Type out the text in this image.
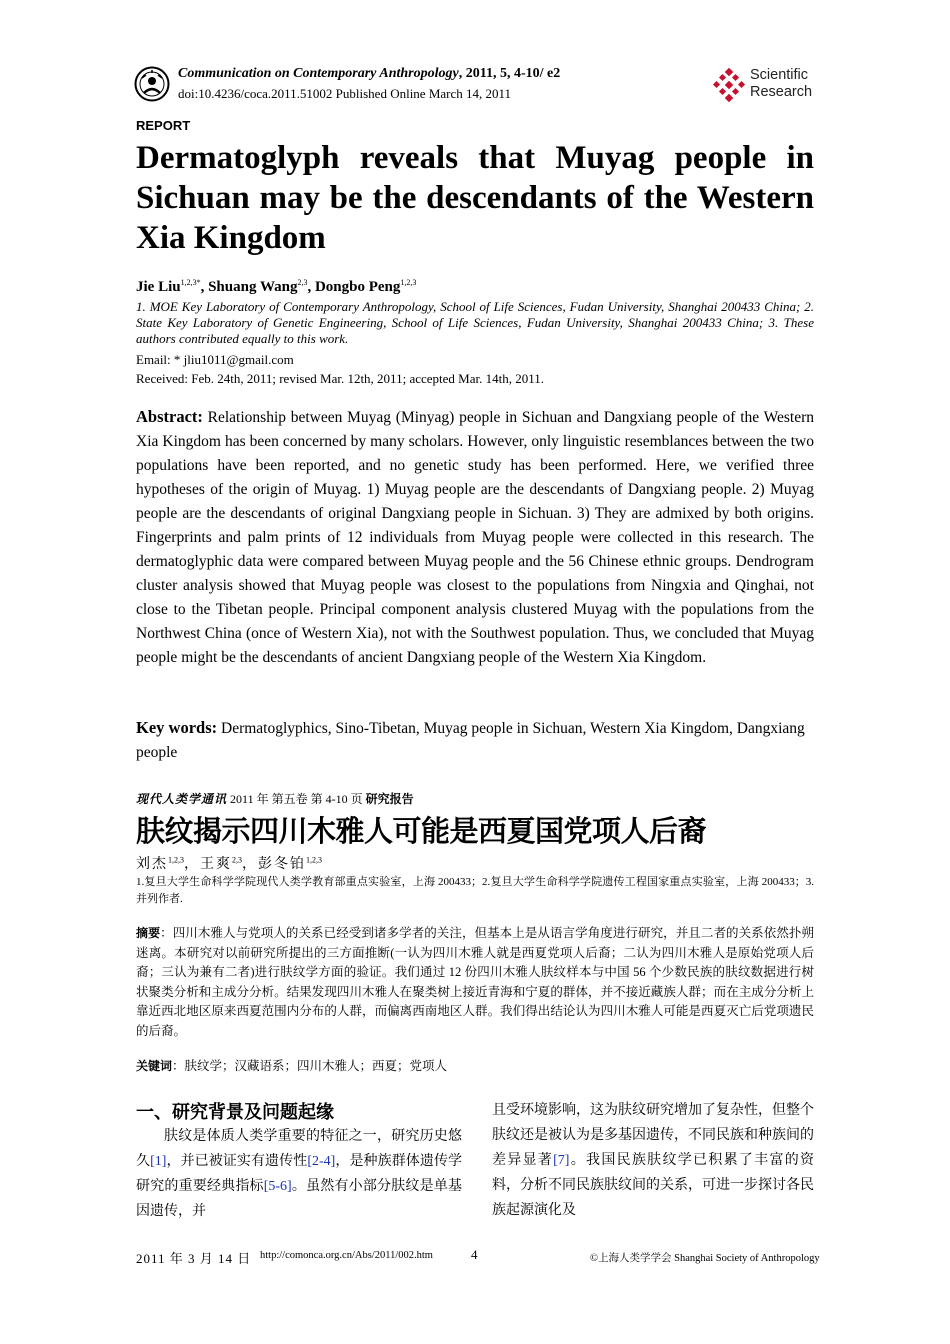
Communication on Contemporary Anthropology, 2011, 5, 4-10/ e2
doi:10.4236/coca.2011.51002 Published Online March 14, 2011
Scientific
Research
REPORT
Dermatoglyph reveals that Muyag people in Sichuan may be the descendants of the Western Xia Kingdom
Jie Liu$^{1,2,3*}$, Shuang Wang$^{2,3}$, Dongbo Peng$^{1,2,3}$
1. MOE Key Laboratory of Contemporary Anthropology, School of Life Sciences, Fudan University, Shanghai 200433 China; 2. State Key Laboratory of Genetic Engineering, School of Life Sciences, Fudan University, Shanghai 200433 China; 3. These authors contributed equally to this work.
Email: * jliu1011@gmail.com
Received: Feb. 24th, 2011; revised Mar. 12th, 2011; accepted Mar. 14th, 2011.
Abstract: Relationship between Muyag (Minyag) people in Sichuan and Dangxiang people of the Western Xia Kingdom has been concerned by many scholars. However, only linguistic resemblances between the two populations have been reported, and no genetic study has been performed. Here, we verified three hypotheses of the origin of Muyag. 1) Muyag people are the descendants of Dangxiang people. 2) Muyag people are the descendants of original Dangxiang people in Sichuan. 3) They are admixed by both origins. Fingerprints and palm prints of 12 individuals from Muyag people were collected in this research. The dermatoglyphic data were compared between Muyag people and the 56 Chinese ethnic groups. Dendrogram cluster analysis showed that Muyag people was closest to the populations from Ningxia and Qinghai, not close to the Tibetan people. Principal component analysis clustered Muyag with the populations from the Northwest China (once of Western Xia), not with the Southwest population. Thus, we concluded that Muyag people might be the descendants of ancient Dangxiang people of the Western Xia Kingdom.
Key words: Dermatoglyphics, Sino-Tibetan, Muyag people in Sichuan, Western Xia Kingdom, Dangxiang people
现代人类学通讯 2011 年 第五卷 第 4-10 页 研究报告
肤纹揭示四川木雅人可能是西夏国党项人后裔
刘杰$^{1,2,3}$，王爽$^{2,3}$，彭冬铂$^{1,2,3}$
1.复旦大学生命科学学院现代人类学教育部重点实验室，上海 200433；2.复旦大学生命科学学院遗传工程国家重点实验室，上海 200433；3.并列作者.
摘要：四川木雅人与党项人的关系已经受到诸多学者的关注，但基本上是从语言学角度进行研究，并且二者的关系依然扑朔迷离。本研究对以前研究所提出的三方面推断(一认为四川木雅人就是西夏党项人后裔；二认为四川木雅人是原始党项人后裔；三认为兼有二者)进行肤纹学方面的验证。我们通过 12 份四川木雅人肤纹样本与中国 56 个少数民族的肤纹数据进行树状聚类分析和主成分分析。结果发现四川木雅人在聚类树上接近青海和宁夏的群体，并不接近藏族人群；而在主成分分析上靠近西北地区原来西夏范围内分布的人群，而偏离西南地区人群。我们得出结论认为四川木雅人可能是西夏灭亡后党项遗民的后裔。
关键词：肤纹学；汉藏语系；四川木雅人；西夏；党项人
一、研究背景及问题起缘
肤纹是体质人类学重要的特征之一，研究历史悠久[1]，并已被证实有遗传性[2-4]，是种族群体遗传学研究的重要经典指标[5-6]。虽然有小部分肤纹是单基因遗传，并
且受环境影响，这为肤纹研究增加了复杂性，但整个肤纹还是被认为是多基因遗传，不同民族和种族间的差异显著[7]。我国民族肤纹学已积累了丰富的资料，分析不同民族肤纹间的关系，可进一步探讨各民族起源演化及
2011 年 3 月 14 日 http://comonca.org.cn/Abs/2011/002.htm	4	©上海人类学学会 Shanghai Society of Anthropology
